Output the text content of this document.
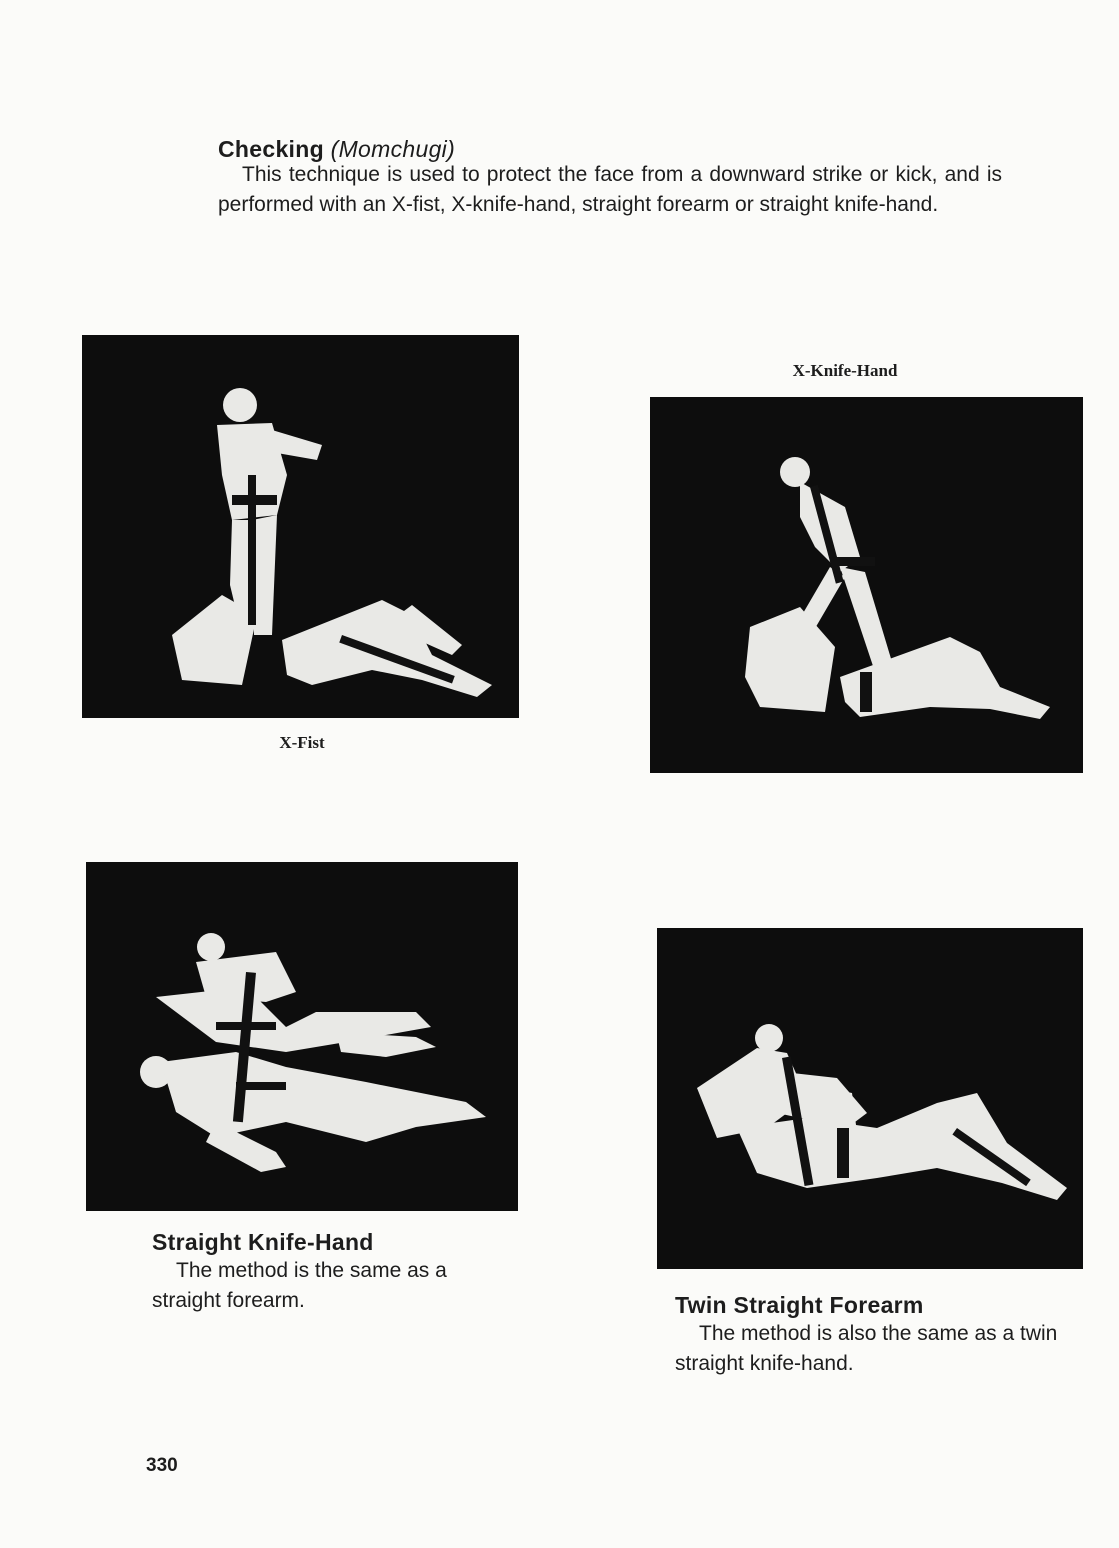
Checking (Momchugi)
This technique is used to protect the face from a downward strike or kick, and is performed with an X-fist, X-knife-hand, straight forearm or straight knife-hand.
X-Fist
X-Knife-Hand
Straight Knife-Hand
The method is the same as a straight forearm.	Twin Straight Forearm
The method is also the same as a twin straight knife-hand.
330
